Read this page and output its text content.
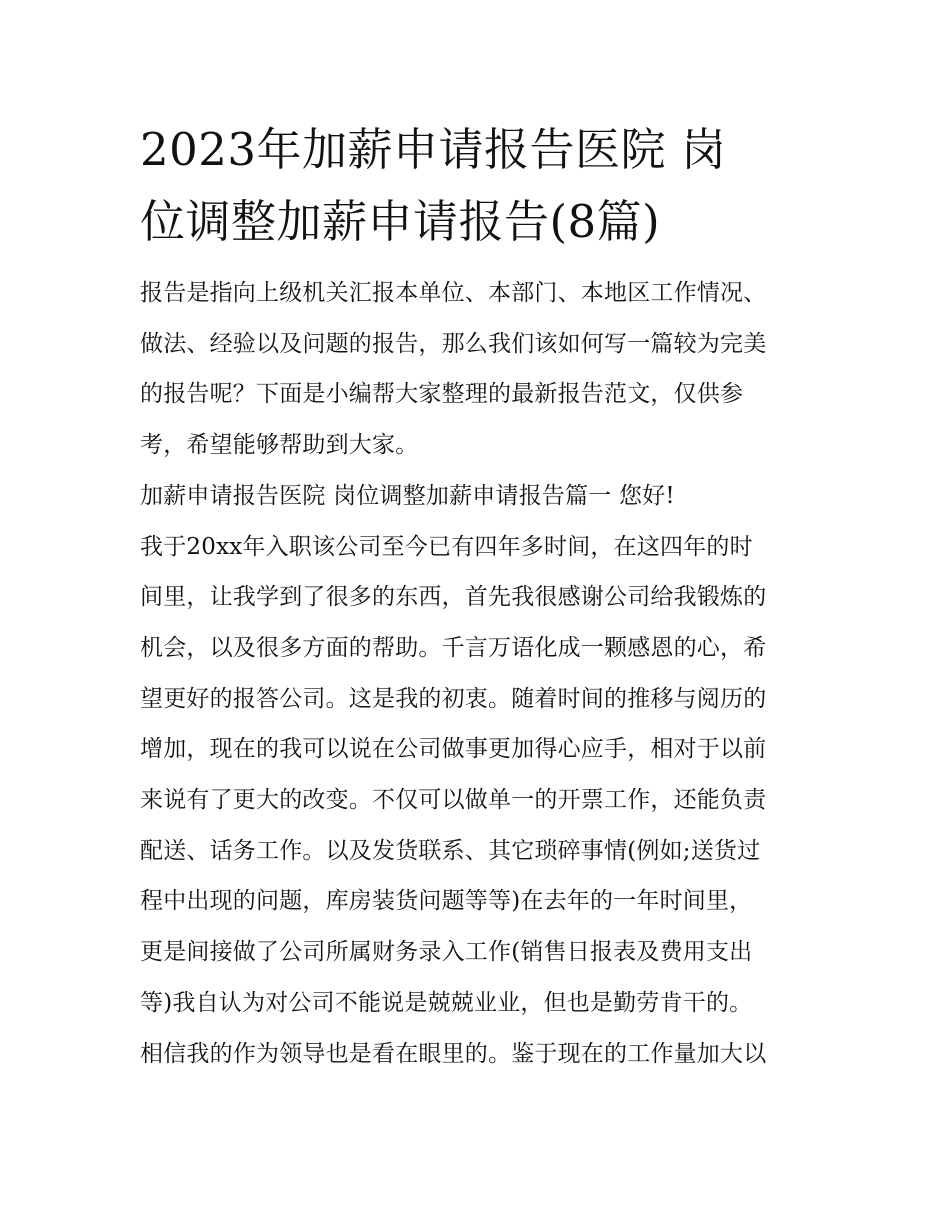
2023年加薪申请报告医院 岗
位调整加薪申请报告(8篇)
报告是指向上级机关汇报本单位、本部门、本地区工作情况、
做法、经验以及问题的报告，那么我们该如何写一篇较为完美
的报告呢？下面是小编帮大家整理的最新报告范文，仅供参
考，希望能够帮助到大家。
加薪申请报告医院 岗位调整加薪申请报告篇一 您好!
我于20xx年入职该公司至今已有四年多时间，在这四年的时
间里，让我学到了很多的东西，首先我很感谢公司给我锻炼的
机会，以及很多方面的帮助。千言万语化成一颗感恩的心，希
望更好的报答公司。这是我的初衷。随着时间的推移与阅历的
增加，现在的我可以说在公司做事更加得心应手，相对于以前
来说有了更大的改变。不仅可以做单一的开票工作，还能负责
配送、话务工作。以及发货联系、其它琐碎事情(例如;送货过
程中出现的问题，库房装货问题等等)在去年的一年时间里，
更是间接做了公司所属财务录入工作(销售日报表及费用支出
等)我自认为对公司不能说是兢兢业业，但也是勤劳肯干的。
相信我的作为领导也是看在眼里的。鉴于现在的工作量加大以
